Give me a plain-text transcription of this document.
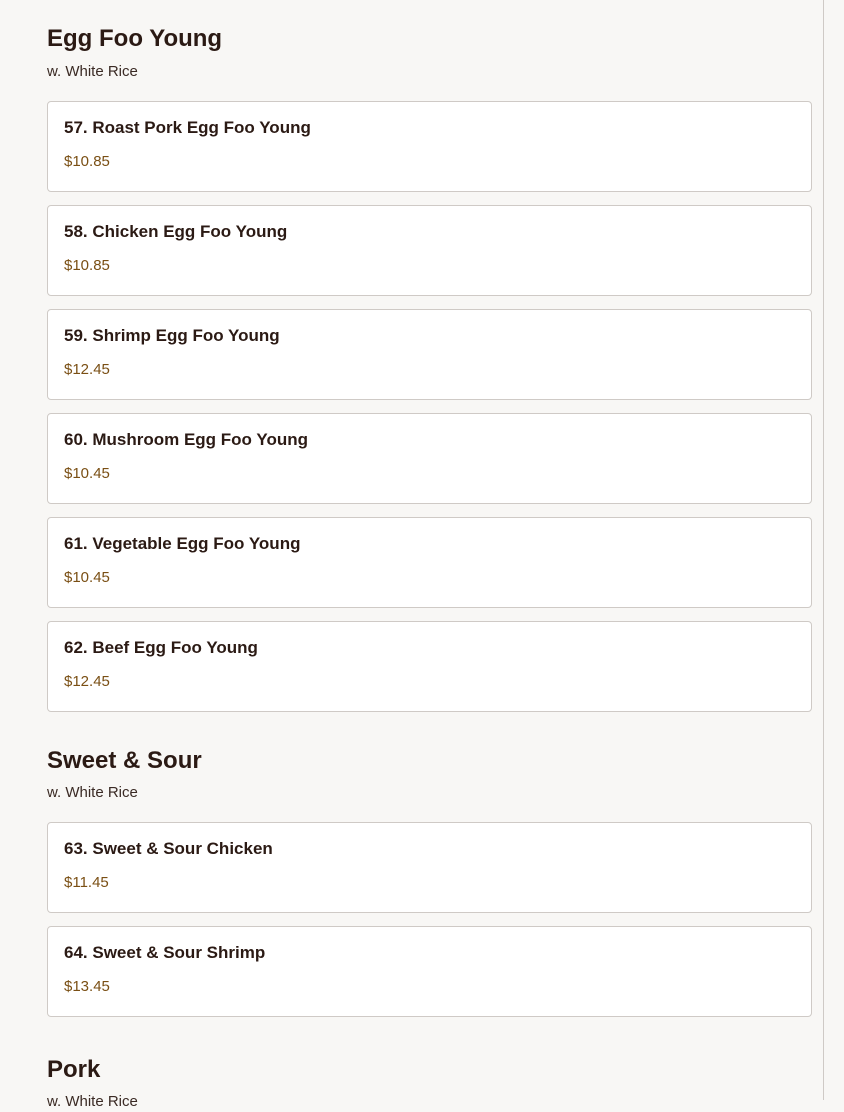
Egg Foo Young
w. White Rice
57. Roast Pork Egg Foo Young
$10.85
58. Chicken Egg Foo Young
$10.85
59. Shrimp Egg Foo Young
$12.45
60. Mushroom Egg Foo Young
$10.45
61. Vegetable Egg Foo Young
$10.45
62. Beef Egg Foo Young
$12.45
Sweet & Sour
w. White Rice
63. Sweet & Sour Chicken
$11.45
64. Sweet & Sour Shrimp
$13.45
Pork
w. White Rice
